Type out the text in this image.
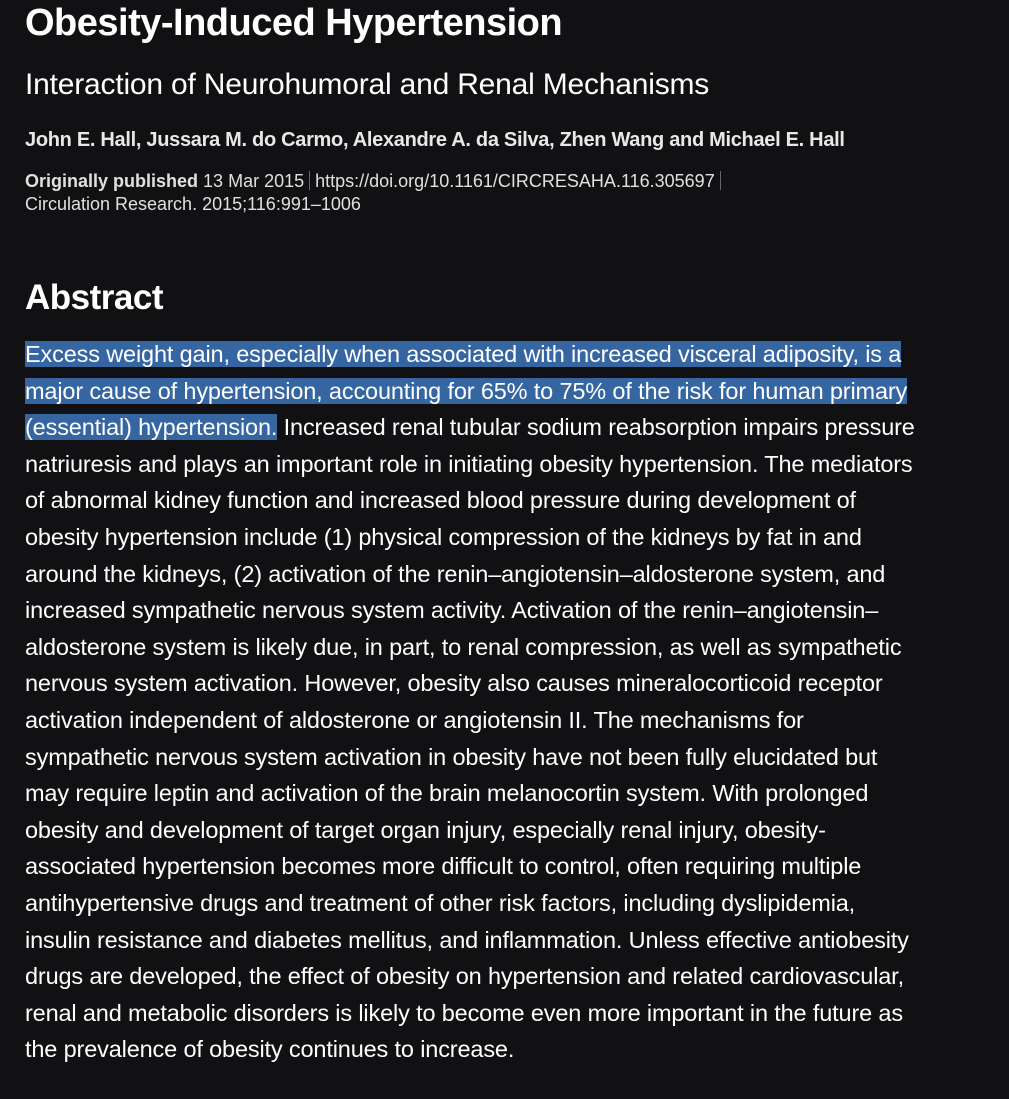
Obesity-Induced Hypertension
Interaction of Neurohumoral and Renal Mechanisms
John E. Hall, Jussara M. do Carmo, Alexandre A. da Silva, Zhen Wang and Michael E. Hall
Originally published 13 Mar 2015 https://doi.org/10.1161/CIRCRESAHA.116.305697
Circulation Research. 2015;116:991–1006
Abstract
Excess weight gain, especially when associated with increased visceral adiposity, is a
major cause of hypertension, accounting for 65% to 75% of the risk for human primary
(essential) hypertension. Increased renal tubular sodium reabsorption impairs pressure
natriuresis and plays an important role in initiating obesity hypertension. The mediators
of abnormal kidney function and increased blood pressure during development of
obesity hypertension include (1) physical compression of the kidneys by fat in and
around the kidneys, (2) activation of the renin–angiotensin–aldosterone system, and
increased sympathetic nervous system activity. Activation of the renin–angiotensin–
aldosterone system is likely due, in part, to renal compression, as well as sympathetic
nervous system activation. However, obesity also causes mineralocorticoid receptor
activation independent of aldosterone or angiotensin II. The mechanisms for
sympathetic nervous system activation in obesity have not been fully elucidated but
may require leptin and activation of the brain melanocortin system. With prolonged
obesity and development of target organ injury, especially renal injury, obesity-
associated hypertension becomes more difficult to control, often requiring multiple
antihypertensive drugs and treatment of other risk factors, including dyslipidemia,
insulin resistance and diabetes mellitus, and inflammation. Unless effective antiobesity
drugs are developed, the effect of obesity on hypertension and related cardiovascular,
renal and metabolic disorders is likely to become even more important in the future as
the prevalence of obesity continues to increase.
